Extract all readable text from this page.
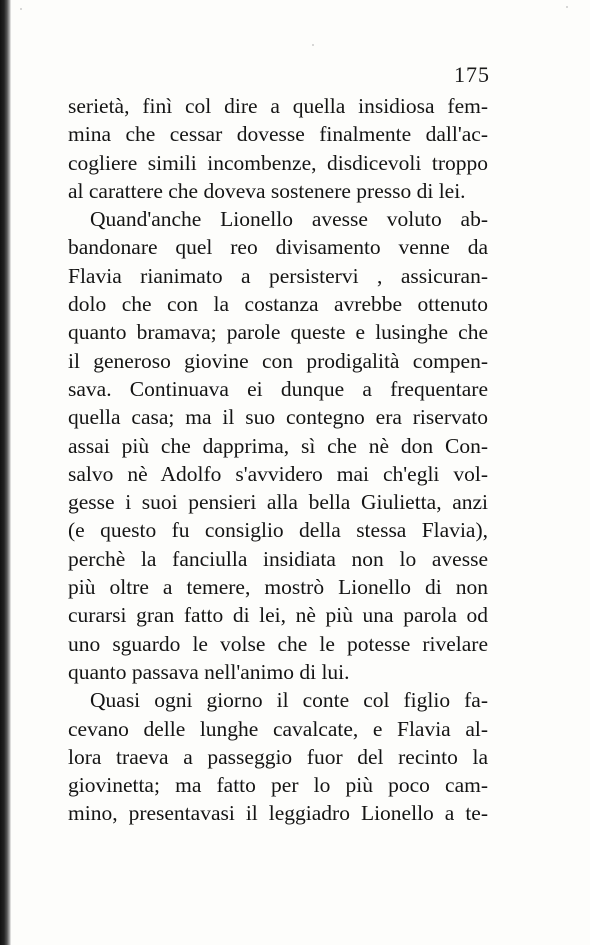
175

serietà, finì col dire a quella insidiosa fem-
mina che cessar dovesse finalmente dall'ac-
cogliere simili incombenze, disdicevoli troppo
al carattere che doveva sostenere presso di lei.

Quand'anche Lionello avesse voluto ab-
bandonare quel reo divisamento venne da
Flavia rianimato a persistervi , assicuran-
dolo che con la costanza avrebbe ottenuto
quanto bramava; parole queste e lusinghe che
il generoso giovine con prodigalità compen-
sava. Continuava ei dunque a frequentare
quella casa; ma il suo contegno era riservato
assai più che dapprima, sì che nè don Con-
salvo nè Adolfo s'avvidero mai ch'egli vol-
gesse i suoi pensieri alla bella Giulietta, anzi
(e questo fu consiglio della stessa Flavia),
perchè la fanciulla insidiata non lo avesse
più oltre a temere, mostrò Lionello di non
curarsi gran fatto di lei, nè più una parola od
uno sguardo le volse che le potesse rivelare
quanto passava nell'animo di lui.

Quasi ogni giorno il conte col figlio fa-
cevano delle lunghe cavalcate, e Flavia al-
lora traeva a passeggio fuor del recinto la
giovinetta; ma fatto per lo più poco cam-
mino, presentavasi il leggiadro Lionello a te-
